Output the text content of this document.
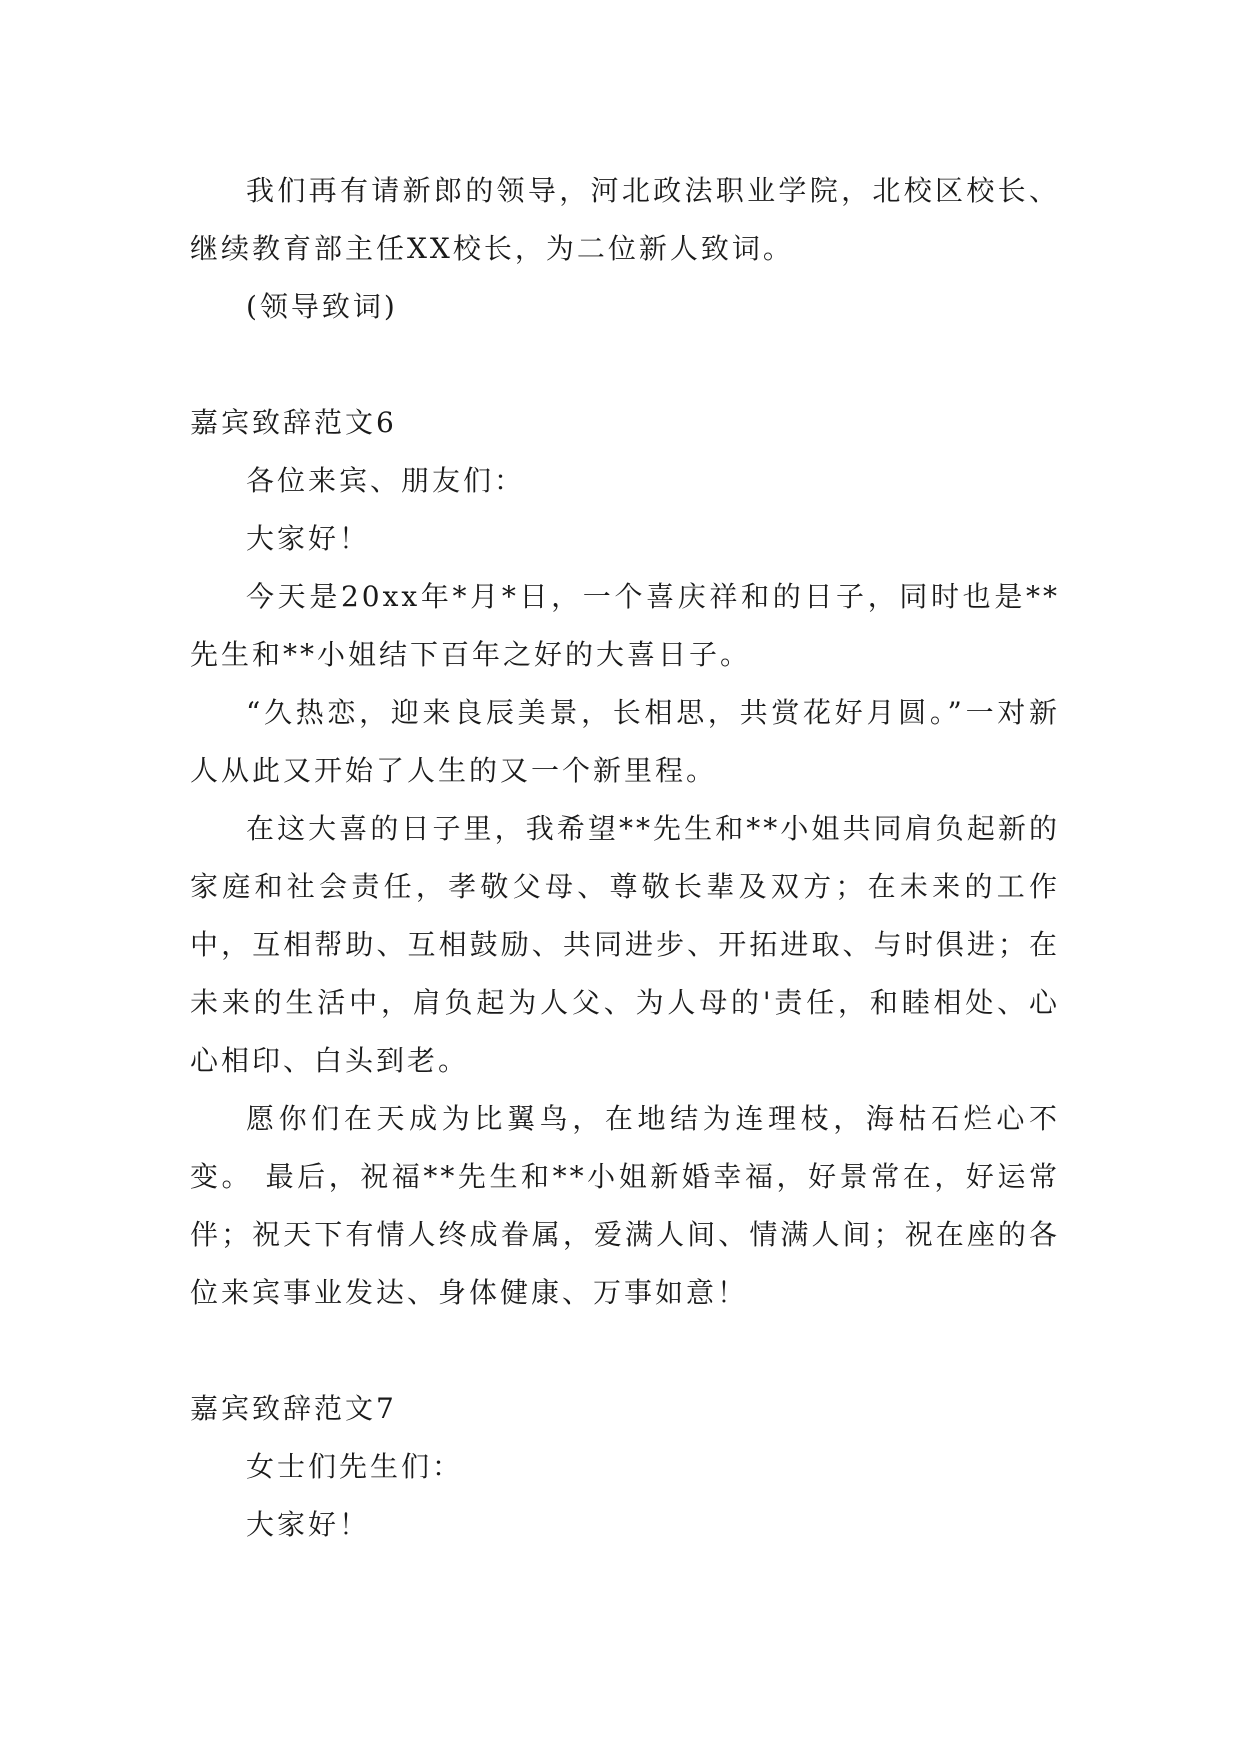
我们再有请新郎的领导，河北政法职业学院，北校区校长、继续教育部主任XX校长，为二位新人致词。

(领导致词)

嘉宾致辞范文6

各位来宾、朋友们：

大家好！

今天是20xx年*月*日，一个喜庆祥和的日子，同时也是**先生和**小姐结下百年之好的大喜日子。

“久热恋，迎来良辰美景，长相思，共赏花好月圆。”一对新人从此又开始了人生的又一个新里程。

在这大喜的日子里，我希望**先生和**小姐共同肩负起新的家庭和社会责任，孝敬父母、尊敬长辈及双方；在未来的工作中，互相帮助、互相鼓励、共同进步、开拓进取、与时俱进；在未来的生活中，肩负起为人父、为人母的'责任，和睦相处、心心相印、白头到老。

愿你们在天成为比翼鸟，在地结为连理枝，海枯石烂心不变。 最后，祝福**先生和**小姐新婚幸福，好景常在，好运常伴；祝天下有情人终成眷属，爱满人间、情满人间；祝在座的各位来宾事业发达、身体健康、万事如意！

嘉宾致辞范文7

女士们先生们：

大家好！
